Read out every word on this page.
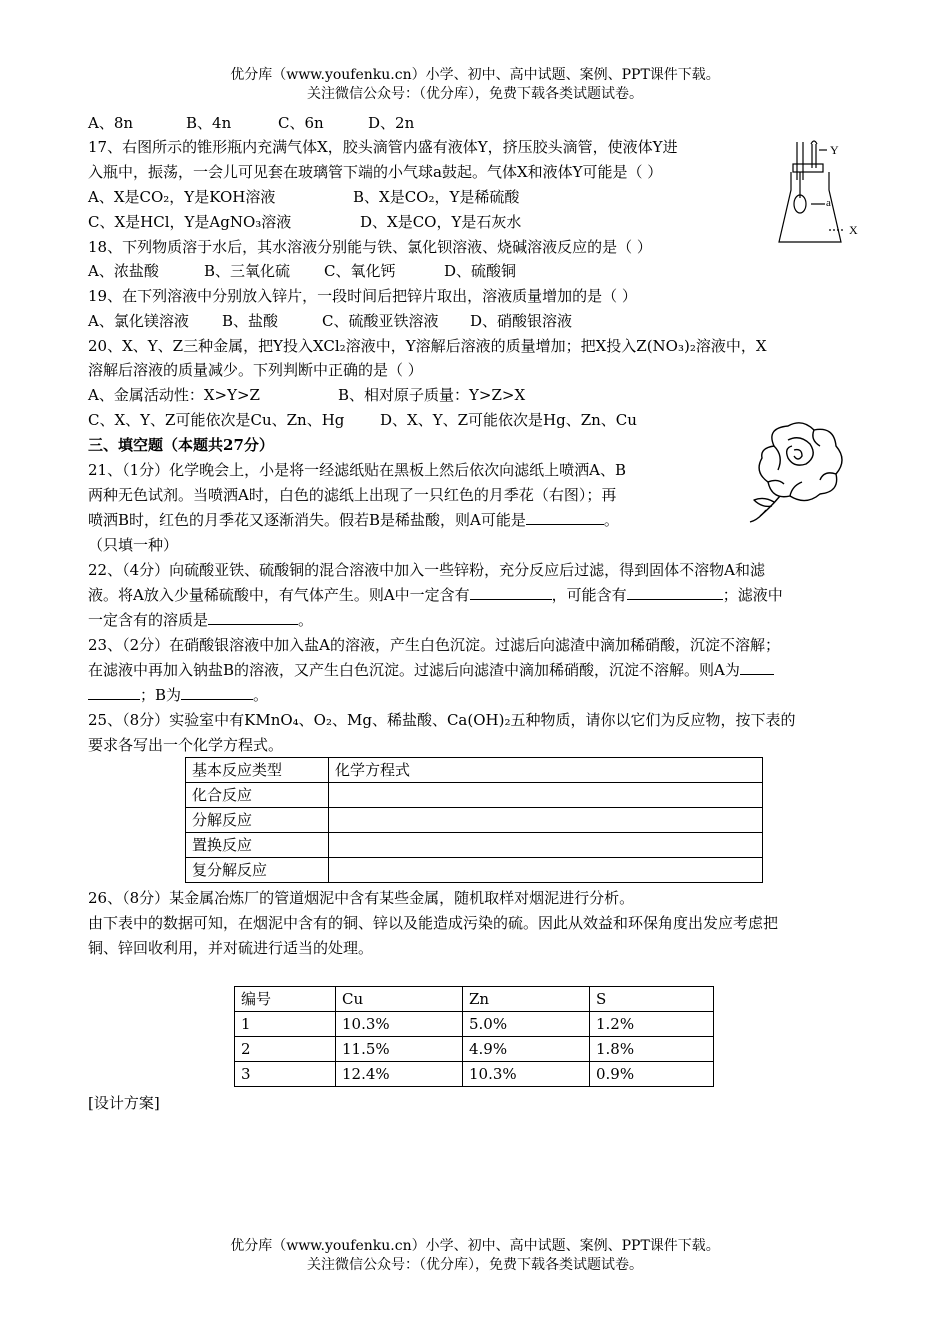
优分库（www.youfenku.cn）小学、初中、高中试题、案例、PPT课件下载。
关注微信公众号：（优分库），免费下载各类试题试卷。
A、8n	B、4n	C、6n	D、2n
17、右图所示的锥形瓶内充满气体X，胶头滴管内盛有液体Y，挤压胶头滴管，使液体Y进
入瓶中，振荡，一会儿可见套在玻璃管下端的小气球a鼓起。气体X和液体Y可能是（ ）
A、X是CO₂，Y是KOH溶液	B、X是CO₂，Y是稀硫酸
C、X是HCl，Y是AgNO₃溶液	D、X是CO，Y是石灰水
Y
a
X
18、下列物质溶于水后，其水溶液分别能与铁、氯化钡溶液、烧碱溶液反应的是（ ）
A、浓盐酸	B、三氧化硫 C、氧化钙	D、硫酸铜
19、在下列溶液中分别放入锌片，一段时间后把锌片取出，溶液质量增加的是（ ）
A、氯化镁溶液 B、盐酸	C、硫酸亚铁溶液 D、硝酸银溶液
20、X、Y、Z三种金属，把Y投入XCl₂溶液中，Y溶解后溶液的质量增加；把X投入Z(NO₃)₂溶液中，X
溶解后溶液的质量减少。下列判断中正确的是（ ）
A、金属活动性：X>Y>Z	B、相对原子质量：Y>Z>X
C、X、Y、Z可能依次是Cu、Zn、Hg D、X、Y、Z可能依次是Hg、Zn、Cu
三、填空题（本题共27分）
21、（1分）化学晚会上，小是将一经滤纸贴在黑板上然后依次向滤纸上喷洒A、B
两种无色试剂。当喷洒A时，白色的滤纸上出现了一只红色的月季花（右图）；再
喷洒B时，红色的月季花又逐渐消失。假若B是稀盐酸，则A可能是	。
（只填一种）
22、（4分）向硫酸亚铁、硫酸铜的混合溶液中加入一些锌粉，充分反应后过滤，得到固体不溶物A和滤
液。将A放入少量稀硫酸中，有气体产生。则A中一定含有	，可能含有	；滤液中
一定含有的溶质是	。
23、（2分）在硝酸银溶液中加入盐A的溶液，产生白色沉淀。过滤后向滤渣中滴加稀硝酸，沉淀不溶解；
在滤液中再加入钠盐B的溶液，又产生白色沉淀。过滤后向滤渣中滴加稀硝酸，沉淀不溶解。则A为
；B为	。
25、（8分）实验室中有KMnO₄、O₂、Mg、稀盐酸、Ca(OH)₂五种物质，请你以它们为反应物，按下表的
要求各写出一个化学方程式。
基本反应类型	化学方程式
化合反应	
分解反应	
置换反应	
复分解反应	
26、（8分）某金属冶炼厂的管道烟泥中含有某些金属，随机取样对烟泥进行分析。
由下表中的数据可知，在烟泥中含有的铜、锌以及能造成污染的硫。因此从效益和环保角度出发应考虑把
铜、锌回收利用，并对硫进行适当的处理。
编号	Cu	Zn	S
1	10.3%	5.0%	1.2%
2	11.5%	4.9%	1.8%
3	12.4%	10.3%	0.9%
[设计方案]
优分库（www.youfenku.cn）小学、初中、高中试题、案例、PPT课件下载。
关注微信公众号：（优分库），免费下载各类试题试卷。
